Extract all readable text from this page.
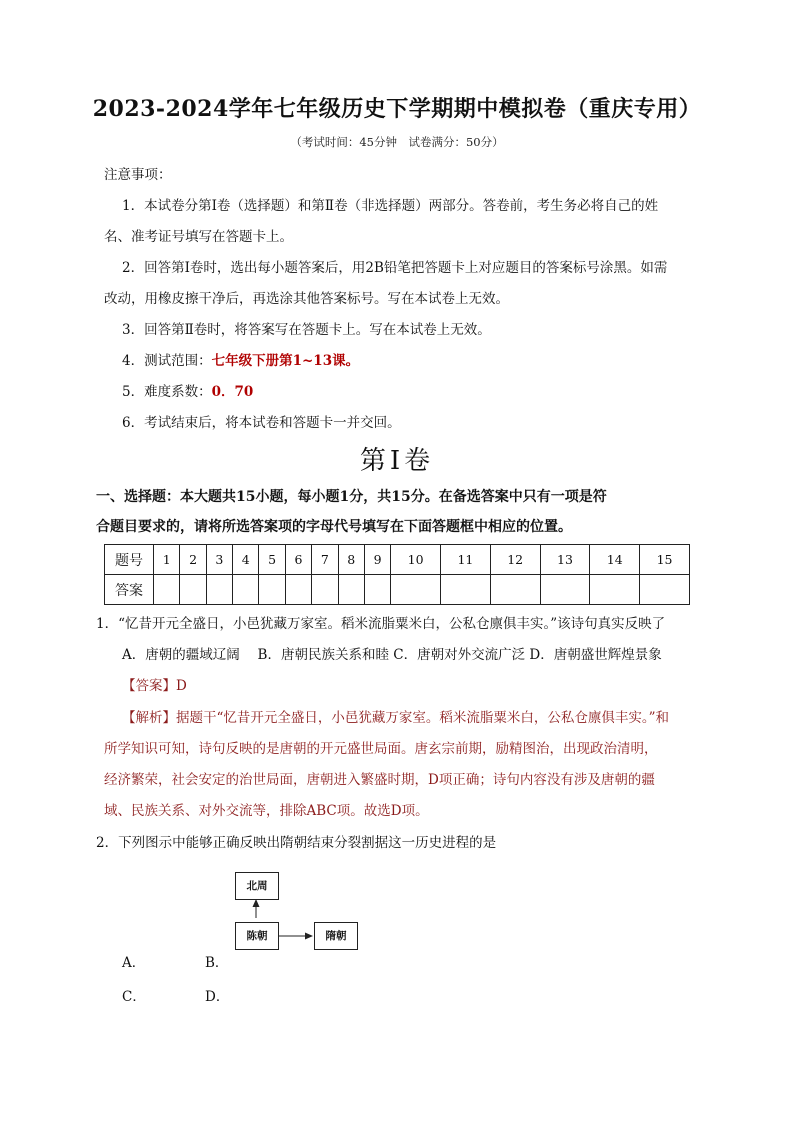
2023-2024学年七年级历史下学期期中模拟卷（重庆专用）
（考试时间：45分钟　试卷满分：50分）
注意事项：
1．本试卷分第Ⅰ卷（选择题）和第Ⅱ卷（非选择题）两部分。答卷前，考生务必将自己的姓
名、准考证号填写在答题卡上。
2．回答第Ⅰ卷时，选出每小题答案后，用2B铅笔把答题卡上对应题目的答案标号涂黑。如需
改动，用橡皮擦干净后，再选涂其他答案标号。写在本试卷上无效。
3．回答第Ⅱ卷时，将答案写在答题卡上。写在本试卷上无效。
4．测试范围：七年级下册第1~13课。
5．难度系数：0．70
6．考试结束后，将本试卷和答题卡一并交回。
第Ⅰ卷
一、选择题：本大题共15小题，每小题1分，共15分。在备选答案中只有一项是符
合题目要求的，请将所选答案项的字母代号填写在下面答题框中相应的位置。
题号	1	2	3	4	5	6	7	8	9	10	11	12	13	14	15
答案															
1．“忆昔开元全盛日，小邑犹藏万家室。稻米流脂粟米白，公私仓廪俱丰实。”该诗句真实反映了
A．唐朝的疆域辽阔　 B．唐朝民族关系和睦 C．唐朝对外交流广泛 D．唐朝盛世辉煌景象
【答案】D
【解析】据题干“忆昔开元全盛日，小邑犹藏万家室。稻米流脂粟米白，公私仓廪俱丰实。”和
所学知识可知，诗句反映的是唐朝的开元盛世局面。唐玄宗前期，励精图治，出现政治清明，
经济繁荣，社会安定的治世局面，唐朝进入繁盛时期，D项正确；诗句内容没有涉及唐朝的疆
域、民族关系、对外交流等，排除ABC项。故选D项。
2．下列图示中能够正确反映出隋朝结束分裂割据这一历史进程的是
北周
陈朝	隋朝
A．	B．
C．	D．
